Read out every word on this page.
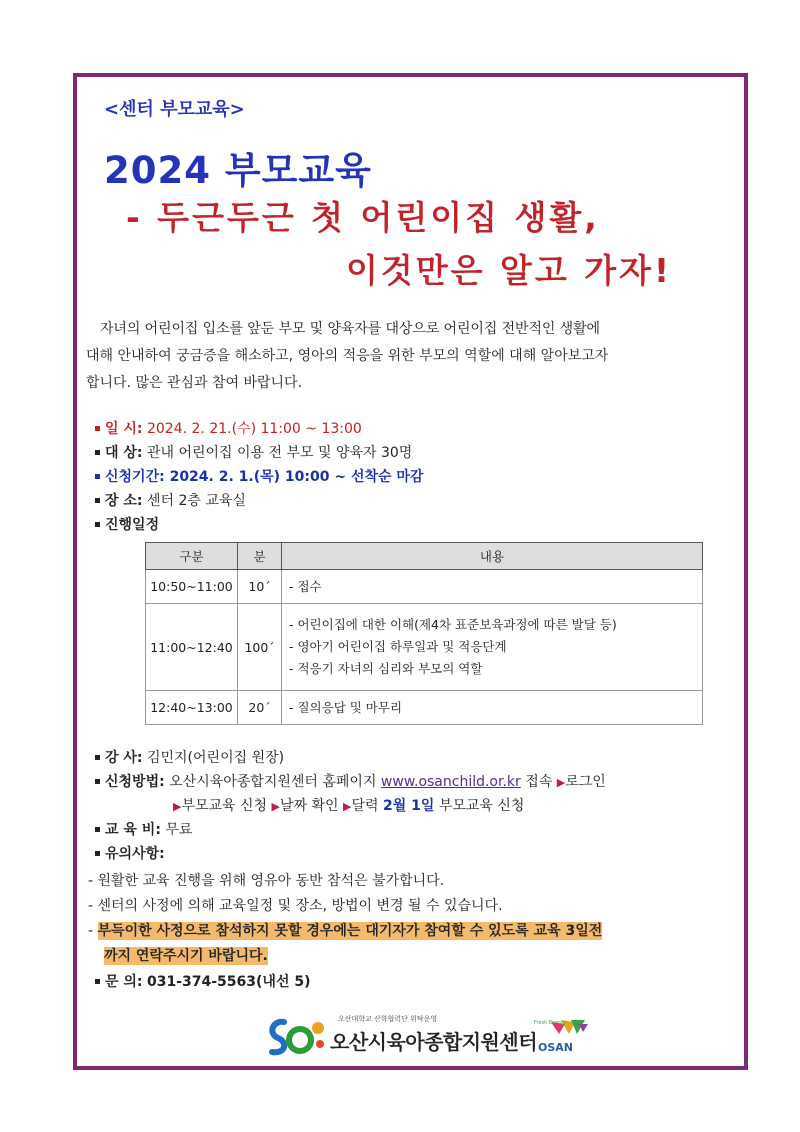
<센터 부모교육>
2024 부모교육
- 두근두근 첫 어린이집 생활,
이것만은 알고 가자!
자녀의 어린이집 입소를 앞둔 부모 및 양육자를 대상으로 어린이집 전반적인 생활에
대해 안내하여 궁금증을 해소하고, 영아의 적응을 위한 부모의 역할에 대해 알아보고자
합니다. 많은 관심과 참여 바랍니다.
일 시: 2024. 2. 21.(수) 11:00 ~ 13:00
대 상: 관내 어린이집 이용 전 부모 및 양육자 30명
신청기간: 2024. 2. 1.(목) 10:00 ~ 선착순 마감
장 소: 센터 2층 교육실
진행일정
구분	분	내용
10:50~11:00	10´	- 접수

11:00~12:40	100´	- 어린이집에 대한 이해(제4차 표준보육과정에 따른 발달 등)
- 영아기 어린이집 하루일과 및 적응단계
- 적응기 자녀의 심리와 부모의 역할

12:40~13:00	20´	- 질의응답 및 마무리
강 사: 김민지(어린이집 원장)
신청방법: 오산시육아종합지원센터 홈페이지 www.osanchild.or.kr 접속 ▶로그인
▶부모교육 신청 ▶날짜 확인 ▶달력 2월 1일 부모교육 신청
교 육 비: 무료
유의사항:
- 원활한 교육 진행을 위해 영유아 동반 참석은 불가합니다.
- 센터의 사정에 의해 교육일정 및 장소, 방법이 변경 될 수 있습니다.
- 부득이한 사정으로 참석하지 못할 경우에는 대기자가 참여할 수 있도록 교육 3일전
까지 연락주시기 바랍니다.
문 의: 031-374-5563(내선 5)
오산대학교 산학협력단 위탁운영
오산시육아종합지원센터
Fresh Energy
OSAN
